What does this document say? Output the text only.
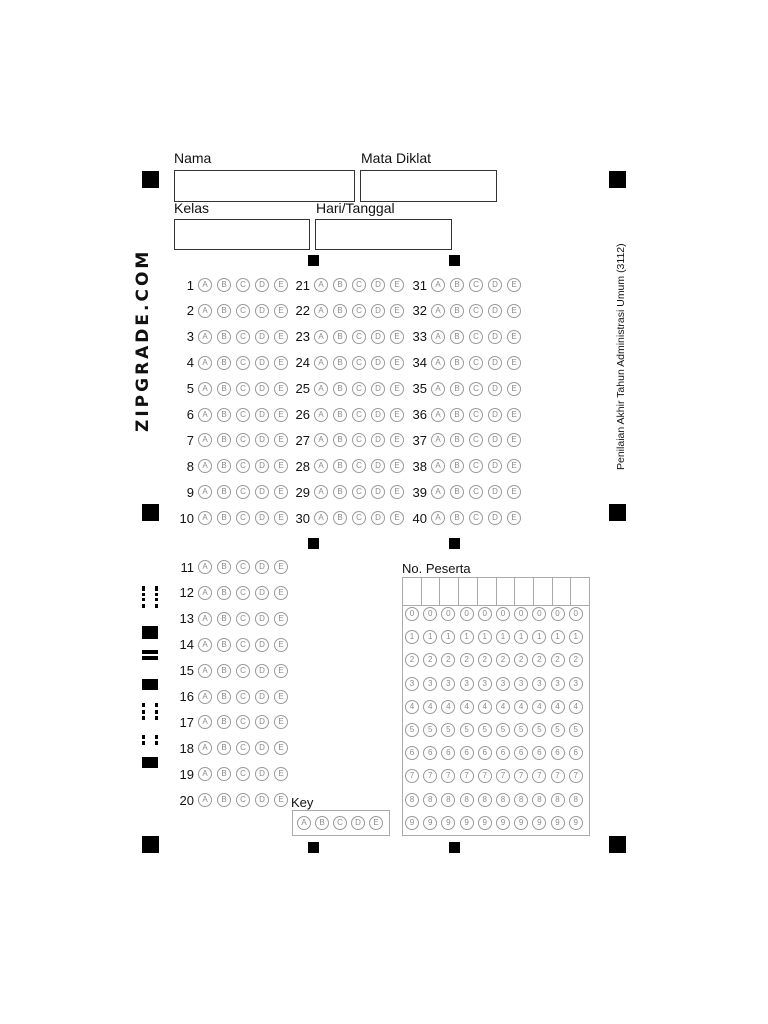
Nama	Mata Diklat
Kelas	Hari/Tanggal
ZIPGRADE.COM	Penilaian Akhir Tahun Administrasi Umum (3112)
1	A	B	C	D	E
2	A	B	C	D	E
3	A	B	C	D	E
4	A	B	C	D	E
5	A	B	C	D	E
6	A	B	C	D	E
7	A	B	C	D	E
8	A	B	C	D	E
9	A	B	C	D	E
10	A	B	C	D	E
21	A	B	C	D	E
22	A	B	C	D	E
23	A	B	C	D	E
24	A	B	C	D	E
25	A	B	C	D	E
26	A	B	C	D	E
27	A	B	C	D	E
28	A	B	C	D	E
29	A	B	C	D	E
30	A	B	C	D	E
31	A	B	C	D	E
32	A	B	C	D	E
33	A	B	C	D	E
34	A	B	C	D	E
35	A	B	C	D	E
36	A	B	C	D	E
37	A	B	C	D	E
38	A	B	C	D	E
39	A	B	C	D	E
40	A	B	C	D	E
11	A	B	C	D	E
12	A	B	C	D	E
13	A	B	C	D	E
14	A	B	C	D	E
15	A	B	C	D	E
16	A	B	C	D	E
17	A	B	C	D	E
18	A	B	C	D	E
19	A	B	C	D	E
20	A	B	C	D	E Key
A	B	C	D	E
No. Peserta
0	0	0	0	0	0	0	0	0	0
1	1	1	1	1	1	1	1	1	1
2	2	2	2	2	2	2	2	2	2
3	3	3	3	3	3	3	3	3	3
4	4	4	4	4	4	4	4	4	4
5	5	5	5	5	5	5	5	5	5
6	6	6	6	6	6	6	6	6	6
7	7	7	7	7	7	7	7	7	7
8	8	8	8	8	8	8	8	8	8
9	9	9	9	9	9	9	9	9	9
